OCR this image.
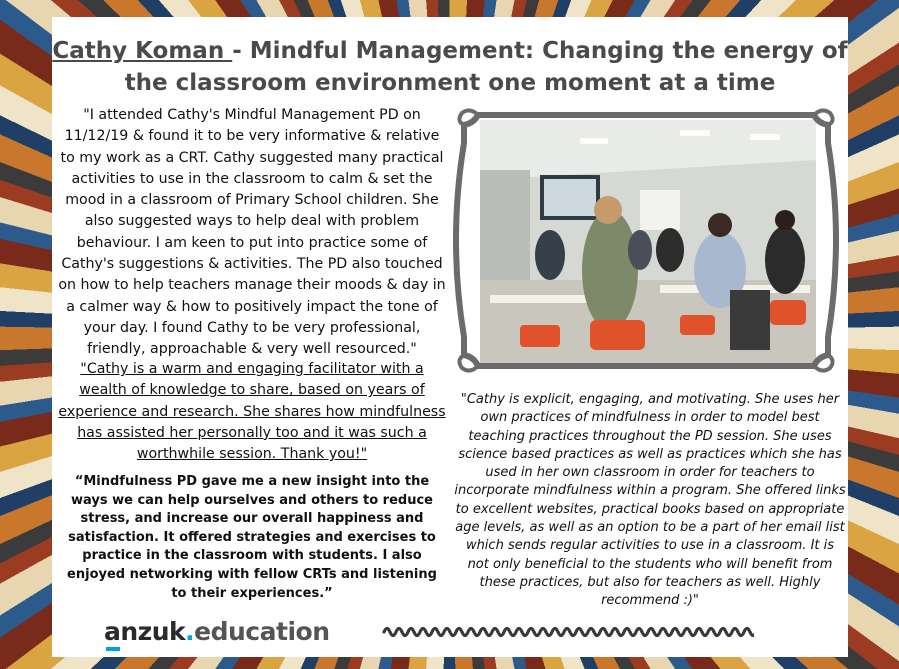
Cathy Koman - Mindful Management: Changing the energy of the classroom environment one moment at a time
"I attended Cathy's Mindful Management PD on 11/12/19 & found it to be very informative & relative to my work as a CRT. Cathy suggested many practical activities to use in the classroom to calm & set the mood in a classroom of Primary School children. She also suggested ways to help deal with problem behaviour. I am keen to put into practice some of Cathy's suggestions & activities. The PD also touched on how to help teachers manage their moods & day in a calmer way & how to positively impact the tone of your day. I found Cathy to be very professional, friendly, approachable & very well resourced."
"Cathy is a warm and engaging facilitator with a wealth of knowledge to share, based on years of experience and research. She shares how mindfulness has assisted her personally too and it was such a worthwhile session. Thank you!"
“Mindfulness PD gave me a new insight into the ways we can help ourselves and others to reduce stress, and increase our overall happiness and satisfaction. It offered strategies and exercises to practice in the classroom with students. I also enjoyed networking with fellow CRTs and listening to their experiences.”
"Cathy is explicit, engaging, and motivating. She uses her own practices of mindfulness in order to model best teaching practices throughout the PD session. She uses science based practices as well as practices which she has used in her own classroom in order for teachers to incorporate mindfulness within a program. She offered links to excellent websites, practical books based on appropriate age levels, as well as an option to be a part of her email list which sends regular activities to use in a classroom. It is not only beneficial to the students who will benefit from these practices, but also for teachers as well. Highly recommend :)"
anzuk.education
